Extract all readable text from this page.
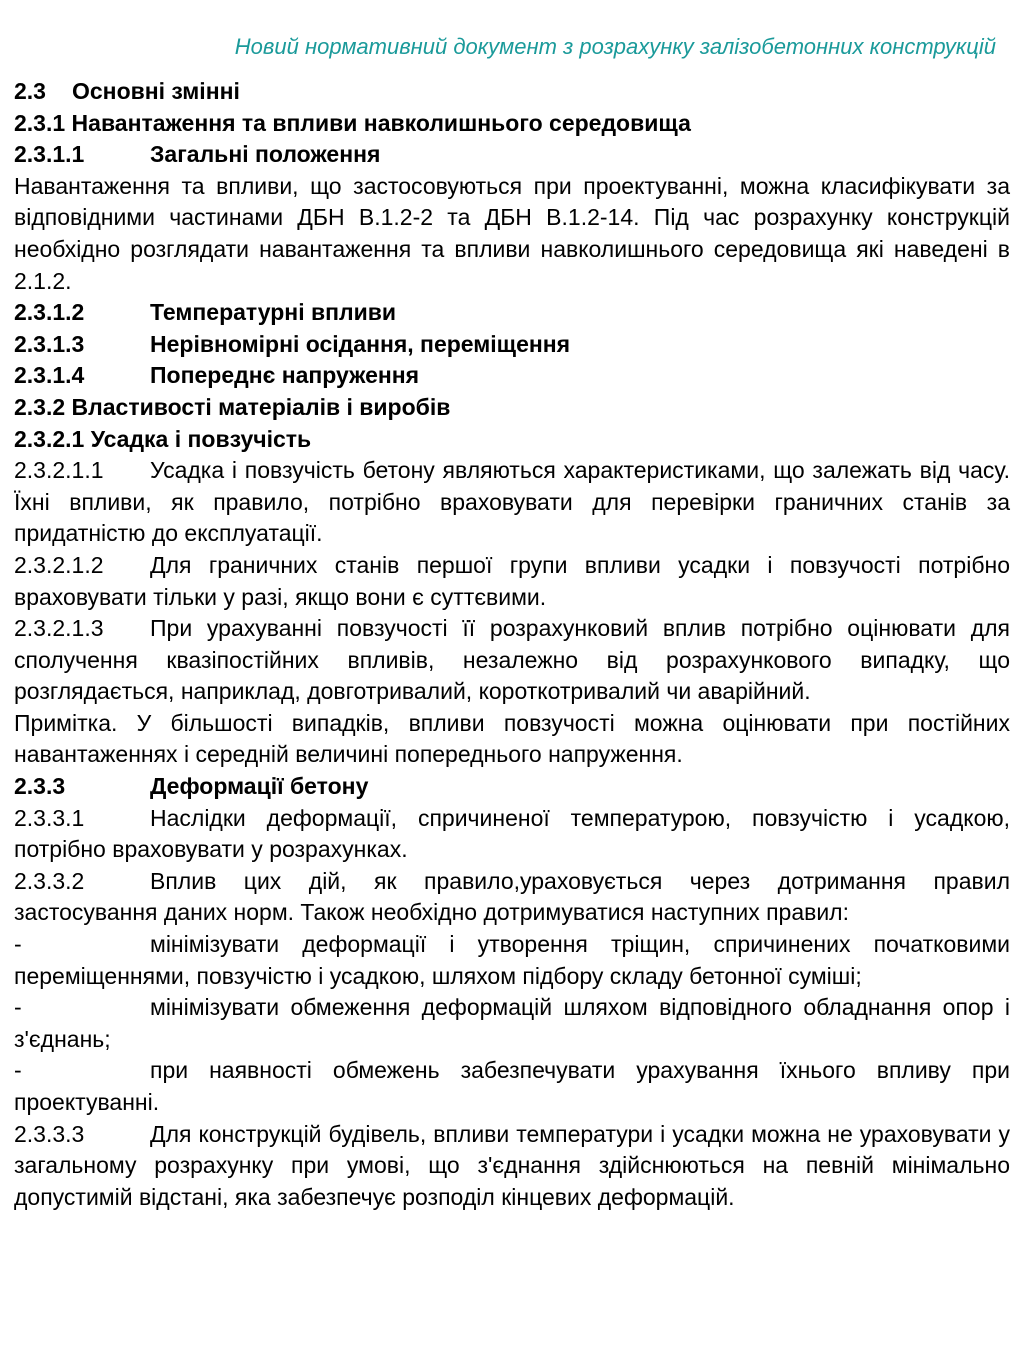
Новий нормативний документ з розрахунку залізобетонних конструкцій

2.3 Основні змінні

2.3.1 Навантаження та впливи навколишнього середовища

2.3.1.1	Загальні положення

Навантаження та впливи, що застосовуються при проектуванні, можна класифікувати за відповідними частинами ДБН В.1.2-2 та ДБН В.1.2-14. Під час розрахунку конструкцій необхідно розглядати навантаження та впливи навколишнього середовища які наведені в 2.1.2.

2.3.1.2	Температурні впливи
2.3.1.3	Нерівномірні осідання, переміщення
2.3.1.4	Попереднє напруження

2.3.2 Властивості матеріалів і виробів

2.3.2.1 Усадка і повзучість

2.3.2.1.1 Усадка і повзучість бетону являються характеристиками, що залежать від часу. Їхні впливи, як правило, потрібно враховувати для перевірки граничних станів за придатністю до експлуатації.

2.3.2.1.2 Для граничних станів першої групи впливи усадки і повзучості потрібно враховувати тільки у разі, якщо вони є суттєвими.

2.3.2.1.3 При урахуванні повзучості її розрахунковий вплив потрібно оцінювати для сполучення квазіпостійних впливів, незалежно від розрахункового випадку, що розглядається, наприклад, довготривалий, короткотривалий чи аварійний.

Примітка. У більшості випадків, впливи повзучості можна оцінювати при постійних навантаженнях і середній величині попереднього напруження.

2.3.3	Деформації бетону

2.3.3.1	Наслідки деформації, спричиненої температурою, повзучістю і усадкою, потрібно враховувати у розрахунках.

2.3.3.2	Вплив цих дій, як правило,ураховується через дотримання правил застосування даних норм. Також необхідно дотримуватися наступних правил:

-	мінімізувати деформації і утворення тріщин, спричинених початковими переміщеннями, повзучістю і усадкою, шляхом підбору складу бетонної суміші;

-	мінімізувати обмеження деформацій шляхом відповідного обладнання опор і з'єднань;

-	при наявності обмежень забезпечувати урахування їхнього впливу при проектуванні.

2.3.3.3	Для конструкцій будівель, впливи температури і усадки можна не ураховувати у загальному розрахунку при умові, що з'єднання здійснюються на певній мінімально допустимій відстані, яка забезпечує розподіл кінцевих деформацій.
